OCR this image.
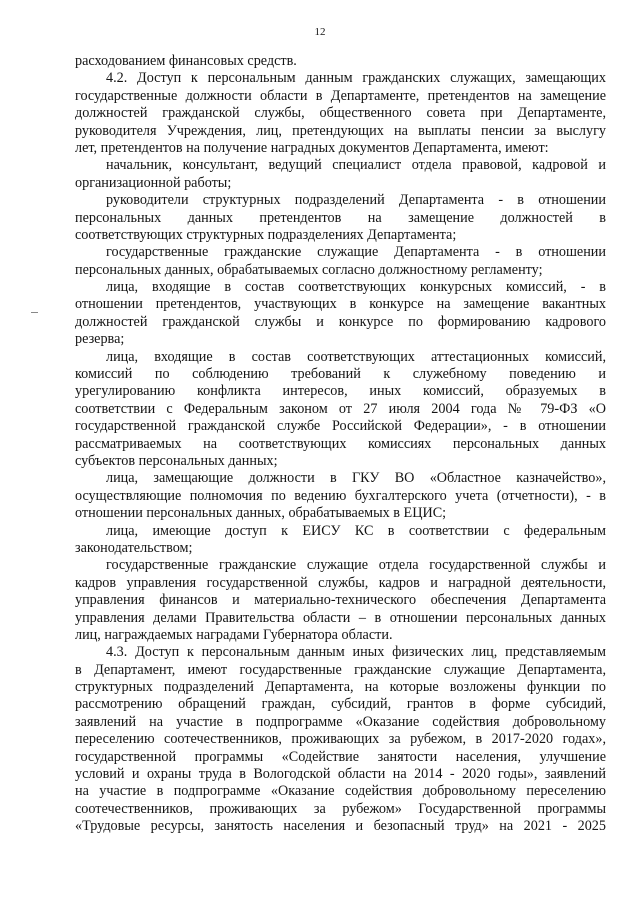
12
расходованием финансовых средств.
4.2. Доступ к персональным данным гражданских служащих, замещающих
государственные должности области в Департаменте, претендентов на замещение
должностей гражданской службы, общественного совета при Департаменте,
руководителя Учреждения, лиц, претендующих на выплаты пенсии за выслугу
лет, претендентов на получение наградных документов Департамента, имеют:
начальник, консультант, ведущий специалист отдела правовой, кадровой и
организационной работы;
руководители структурных подразделений Департамента - в отношении
персональных данных претендентов на замещение должностей в
соответствующих структурных подразделениях Департамента;
государственные гражданские служащие Департамента - в отношении
персональных данных, обрабатываемых согласно должностному регламенту;
лица, входящие в состав соответствующих конкурсных комиссий, - в
отношении претендентов, участвующих в конкурсе на замещение вакантных
должностей гражданской службы и конкурсе по формированию кадрового
резерва;
лица, входящие в состав соответствующих аттестационных комиссий,
комиссий по соблюдению требований к служебному поведению и
урегулированию конфликта интересов, иных комиссий, образуемых в
соответствии с Федеральным законом от 27 июля 2004 года № 79-ФЗ «О
государственной гражданской службе Российской Федерации», - в отношении
рассматриваемых на соответствующих комиссиях персональных данных
субъектов персональных данных;
лица, замещающие должности в ГКУ ВО «Областное казначейство»,
осуществляющие полномочия по ведению бухгалтерского учета (отчетности), - в
отношении персональных данных, обрабатываемых в ЕЦИС;
лица, имеющие доступ к ЕИСУ КС в соответствии с федеральным
законодательством;
государственные гражданские служащие отдела государственной службы и
кадров управления государственной службы, кадров и наградной деятельности,
управления финансов и материально-технического обеспечения Департамента
управления делами Правительства области – в отношении персональных данных
лиц, награждаемых наградами Губернатора области.
4.3. Доступ к персональным данным иных физических лиц, представляемым
в Департамент, имеют государственные гражданские служащие Департамента,
структурных подразделений Департамента, на которые возложены функции по
рассмотрению обращений граждан, субсидий, грантов в форме субсидий,
заявлений на участие в подпрограмме «Оказание содействия добровольному
переселению соотечественников, проживающих за рубежом, в 2017-2020 годах»,
государственной программы «Содействие занятости населения, улучшение
условий и охраны труда в Вологодской области на 2014 - 2020 годы», заявлений
на участие в подпрограмме «Оказание содействия добровольному переселению
соотечественников, проживающих за рубежом» Государственной программы
«Трудовые ресурсы, занятость населения и безопасный труд» на 2021 - 2025
